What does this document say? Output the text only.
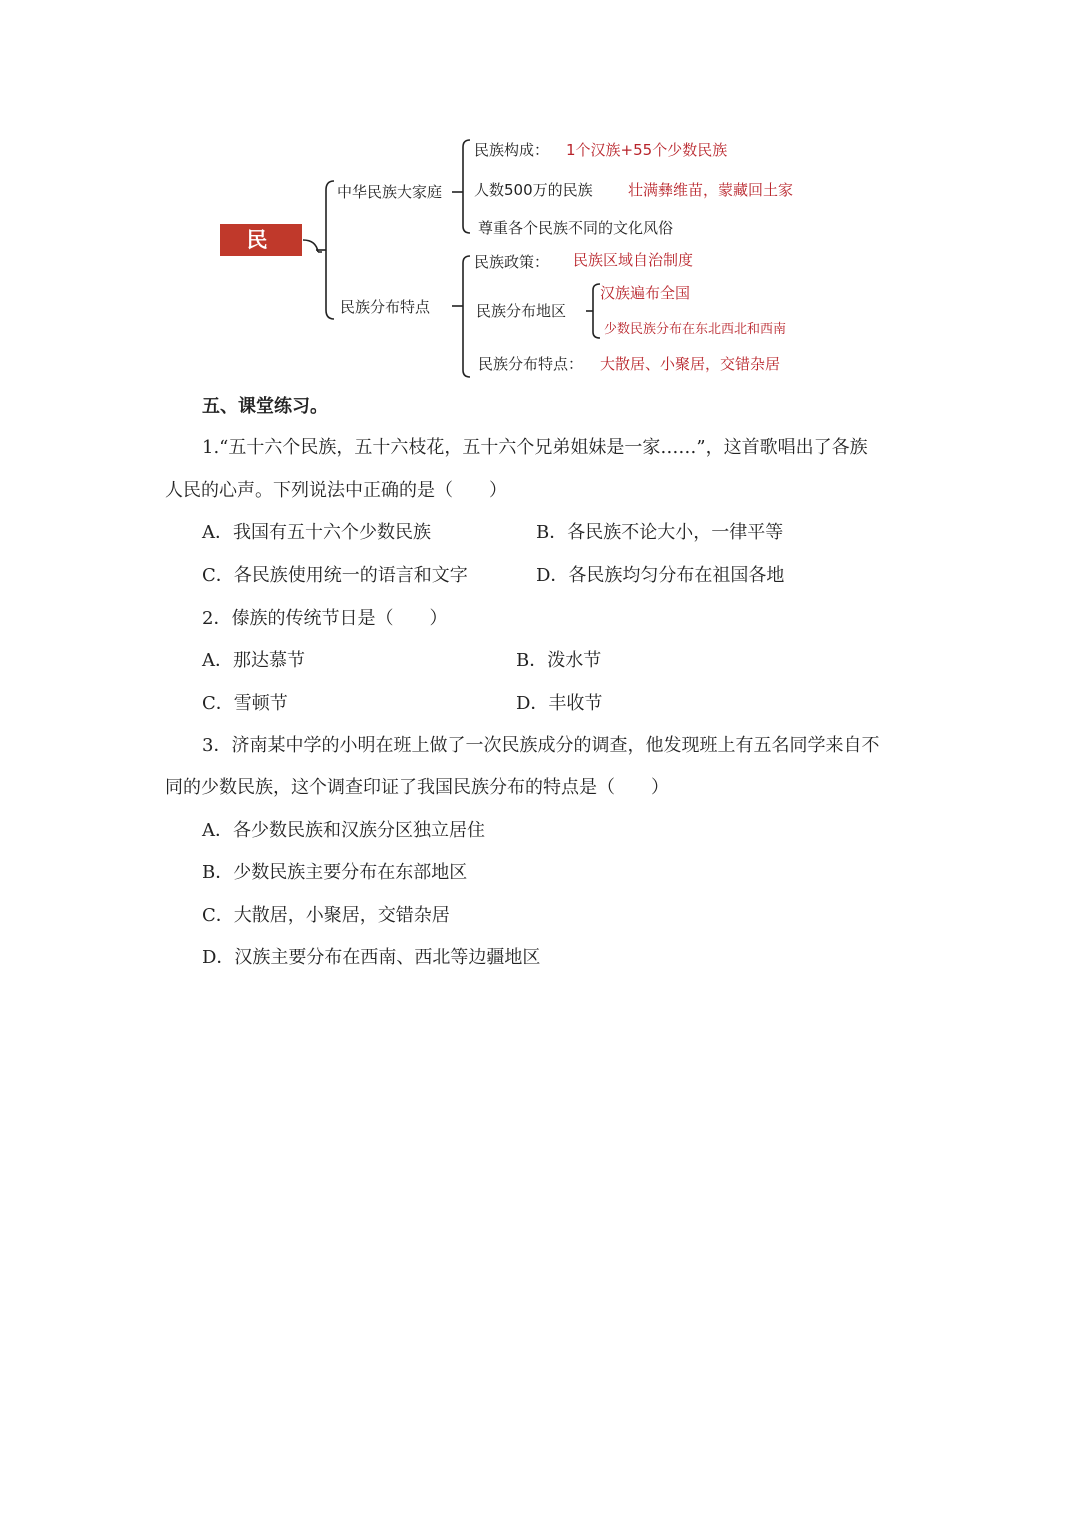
民 族
中华民族大家庭
民族构成： 1个汉族+55个少数民族
人数500万的民族 壮满彝维苗，蒙藏回土家
尊重各个民族不同的文化风俗
民族分布特点
民族政策： 民族区域自治制度
民族分布地区
汉族遍布全国
少数民族分布在东北西北和西南
民族分布特点： 大散居、小聚居，交错杂居
五、课堂练习。
1.“五十六个民族，五十六枝花，五十六个兄弟姐妹是一家……”，这首歌唱出了各族
人民的心声。下列说法中正确的是（　　）
A．我国有五十六个少数民族	B．各民族不论大小，一律平等
C．各民族使用统一的语言和文字	D．各民族均匀分布在祖国各地
2．傣族的传统节日是（　　）
A．那达慕节	B．泼水节
C．雪顿节	D．丰收节
3．济南某中学的小明在班上做了一次民族成分的调查，他发现班上有五名同学来自不
同的少数民族，这个调查印证了我国民族分布的特点是（　　）
A．各少数民族和汉族分区独立居住
B．少数民族主要分布在东部地区
C．大散居，小聚居，交错杂居
D．汉族主要分布在西南、西北等边疆地区
